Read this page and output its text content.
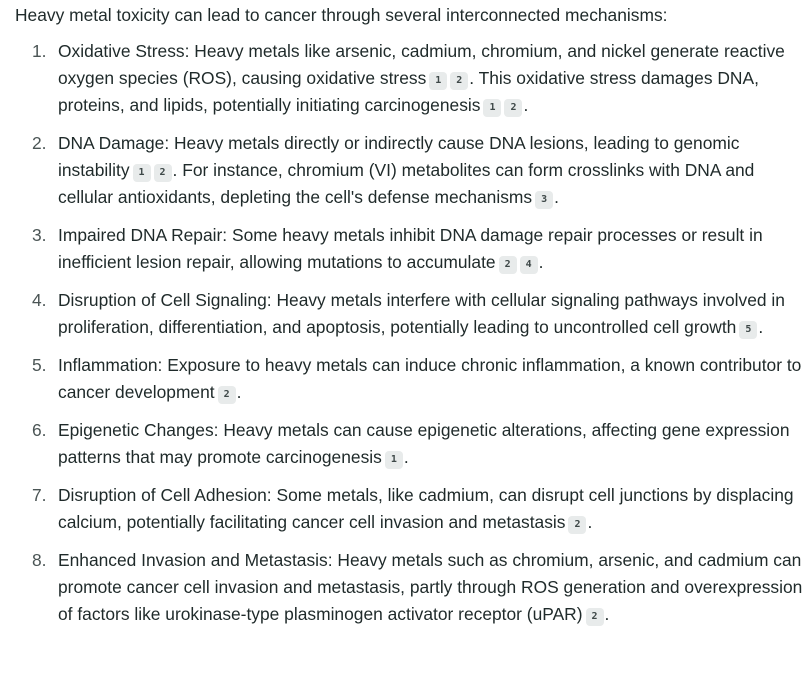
Heavy metal toxicity can lead to cancer through several interconnected mechanisms:

1. Oxidative Stress: Heavy metals like arsenic, cadmium, chromium, and nickel generate reactive oxygen species (ROS), causing oxidative stress 1 2 . This oxidative stress damages DNA, proteins, and lipids, potentially initiating carcinogenesis 1 2 .
2. DNA Damage: Heavy metals directly or indirectly cause DNA lesions, leading to genomic instability 1 2 . For instance, chromium (VI) metabolites can form crosslinks with DNA and cellular antioxidants, depleting the cell's defense mechanisms 3 .
3. Impaired DNA Repair: Some heavy metals inhibit DNA damage repair processes or result in inefficient lesion repair, allowing mutations to accumulate 2 4 .
4. Disruption of Cell Signaling: Heavy metals interfere with cellular signaling pathways involved in proliferation, differentiation, and apoptosis, potentially leading to uncontrolled cell growth 5 .
5. Inflammation: Exposure to heavy metals can induce chronic inflammation, a known contributor to cancer development 2 .
6. Epigenetic Changes: Heavy metals can cause epigenetic alterations, affecting gene expression patterns that may promote carcinogenesis 1 .
7. Disruption of Cell Adhesion: Some metals, like cadmium, can disrupt cell junctions by displacing calcium, potentially facilitating cancer cell invasion and metastasis 2 .
8. Enhanced Invasion and Metastasis: Heavy metals such as chromium, arsenic, and cadmium can promote cancer cell invasion and metastasis, partly through ROS generation and overexpression of factors like urokinase-type plasminogen activator receptor (uPAR) 2 .
